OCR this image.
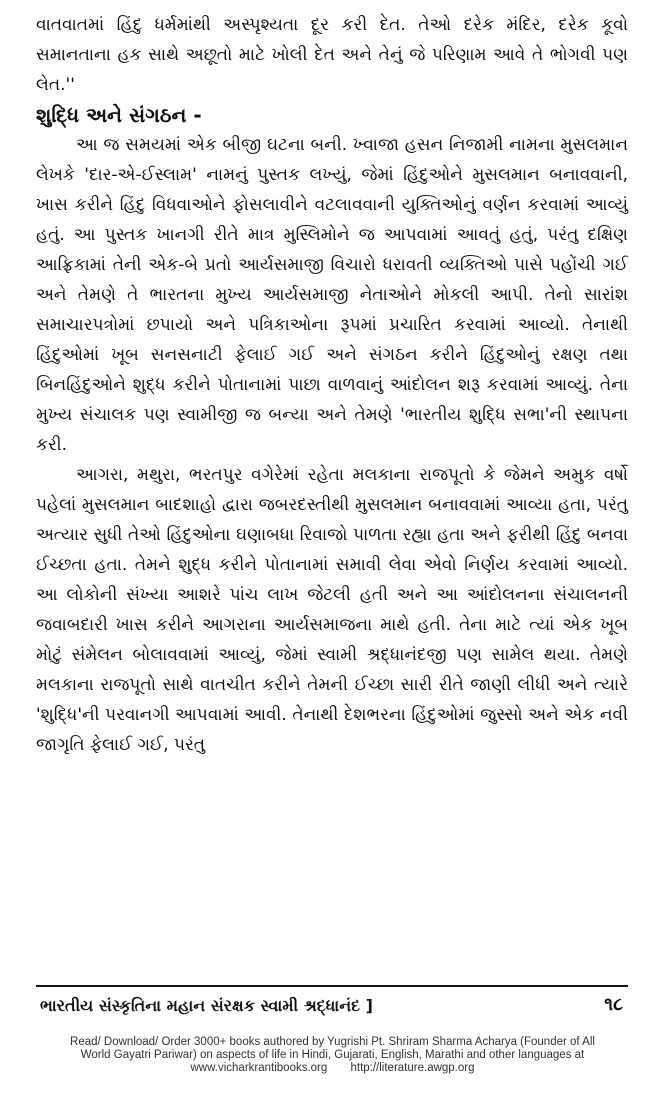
વાતવાતમાં હિંદુ ધર્મમાંથી અસ્પૃશ્યતા દૂર કરી દેત. તેઓ દરેક મંદિર, દરેક કૂવો સમાનતાના હક સાથે અછૂતો માટે ખોલી દેત અને તેનું જે પરિણામ આવે તે ભોગવી પણ લેત.''

શુદ્ધિ અને સંગઠન -

આ જ સમયમાં એક બીજી ઘટના બની. ખ્વાજા હસન નિજામી નામના મુસલમાન લેખકે 'દાર-એ-ઈસ્લામ' નામનું પુસ્તક લખ્યું, જેમાં હિંદુઓને મુસલમાન બનાવવાની, ખાસ કરીને હિંદુ વિધવાઓને ફોસલાવીને વટલાવવાની યુક્તિઓનું વર્ણન કરવામાં આવ્યું હતું. આ પુસ્તક ખાનગી રીતે માત્ર મુસ્લિમોને જ આપવામાં આવતું હતું, પરંતુ દક્ષિણ આફ્રિકામાં તેની એક-બે પ્રતો આર્યસમાજી વિચારો ધરાવતી વ્યક્તિઓ પાસે પહોંચી ગઈ અને તેમણે તે ભારતના મુખ્ય આર્યસમાજી નેતાઓને મોકલી આપી. તેનો સારાંશ સમાચારપત્રોમાં છપાયો અને પત્રિકાઓના રૂપમાં પ્રચારિત કરવામાં આવ્યો. તેનાથી હિંદુઓમાં ખૂબ સનસનાટી ફેલાઈ ગઈ અને સંગઠન કરીને હિંદુઓનું રક્ષણ તથા બિનહિંદુઓને શુદ્ધ કરીને પોતાનામાં પાછા વાળવાનું આંદોલન શરૂ કરવામાં આવ્યું. તેના મુખ્ય સંચાલક પણ સ્વામીજી જ બન્યા અને તેમણે 'ભારતીય શુદ્ધિ સભા'ની સ્થાપના કરી.

આગરા, મથુરા, ભરતપુર વગેરેમાં રહેતા મલકાના રાજપૂતો કે જેમને અમુક વર્ષો પહેલાં મુસલમાન બાદશાહો દ્વારા જબરદસ્તીથી મુસલમાન બનાવવામાં આવ્યા હતા, પરંતુ અત્યાર સુધી તેઓ હિંદુઓના ઘણાબધા રિવાજો પાળતા રહ્યા હતા અને ફરીથી હિંદુ બનવા ઈચ્છતા હતા. તેમને શુદ્ધ કરીને પોતાનામાં સમાવી લેવા એવો નિર્ણય કરવામાં આવ્યો. આ લોકોની સંખ્યા આશરે પાંચ લાખ જેટલી હતી અને આ આંદોલનના સંચાલનની જવાબદારી ખાસ કરીને આગરાના આર્યસમાજના માથે હતી. તેના માટે ત્યાં એક ખૂબ મોટું સંમેલન બોલાવવામાં આવ્યું, જેમાં સ્વામી શ્રદ્ધાનંદજી પણ સામેલ થયા. તેમણે મલકાના રાજપૂતો સાથે વાતચીત કરીને તેમની ઈચ્છા સારી રીતે જાણી લીધી અને ત્યારે 'શુદ્ધિ'ની પરવાનગી આપવામાં આવી. તેનાથી દેશભરના હિંદુઓમાં જુસ્સો અને એક નવી જાગૃતિ ફેલાઈ ગઈ, પરંતુ

ભારતીય સંસ્કૃતિના મહાન સંરક્ષક સ્વામી શ્રદ્ધાનંદ ]	૧૮
Read/ Download/ Order 3000+ books authored by Yugrishi Pt. Shriram Sharma Acharya (Founder of All
World Gayatri Pariwar) on aspects of life in Hindi, Gujarati, English, Marathi and other languages at
www.vicharkrantibooks.org http://literature.awgp.org
